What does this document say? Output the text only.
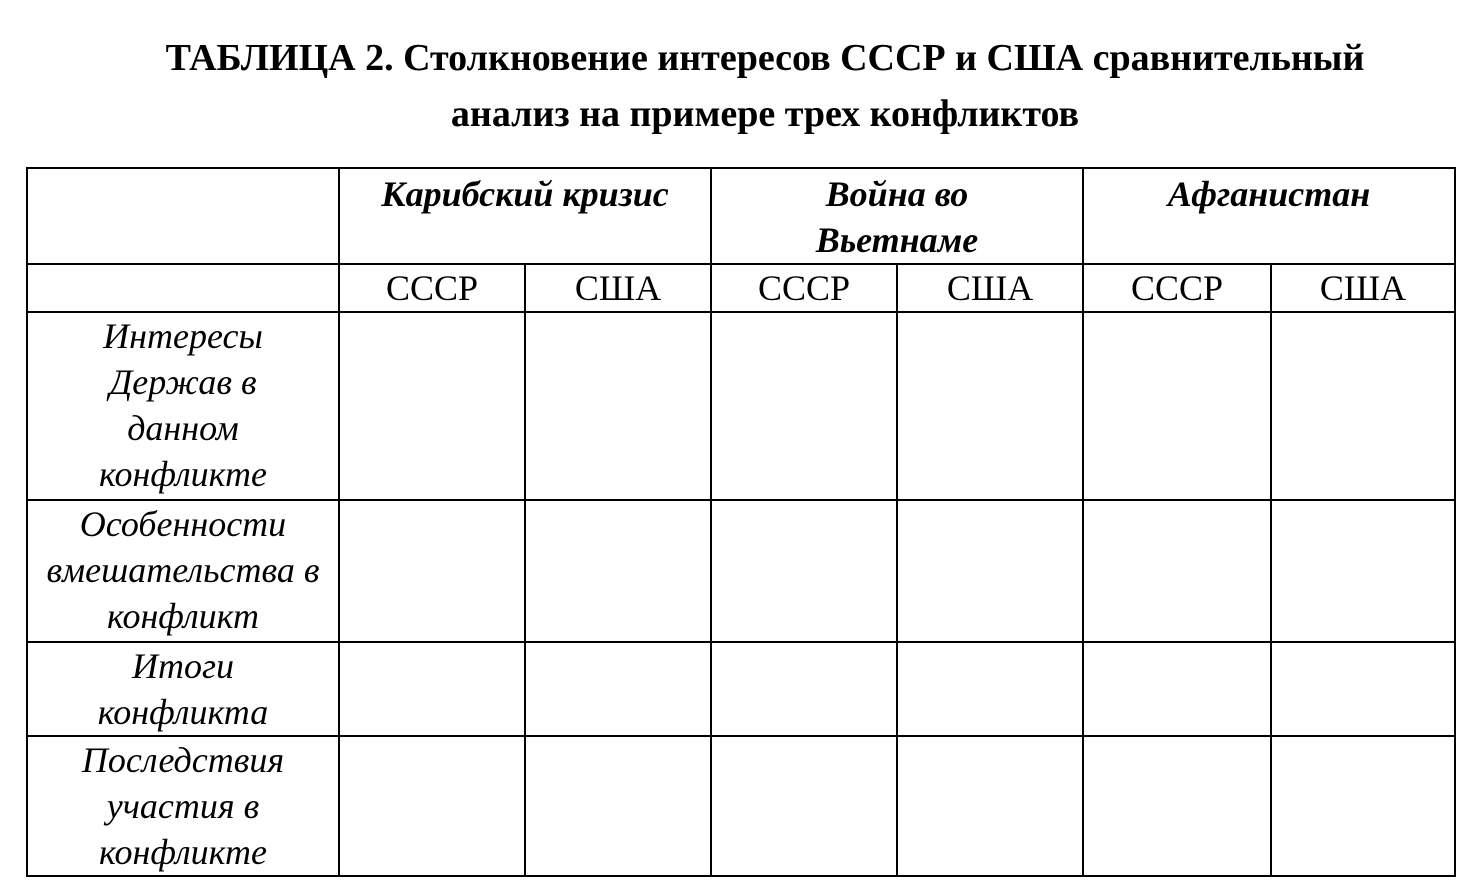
ТАБЛИЦА 2. Столкновение интересов СССР и США сравнительный
анализ на примере трех конфликтов
	Карибский кризис		Война во Вьетнаме		Афганистан	
	СССР	США	СССР	США	СССР	США

Интересы Держав в данном конфликте						

Особенности вмешательства в конфликт						

Итоги конфликта						

Последствия участия в конфликте						
